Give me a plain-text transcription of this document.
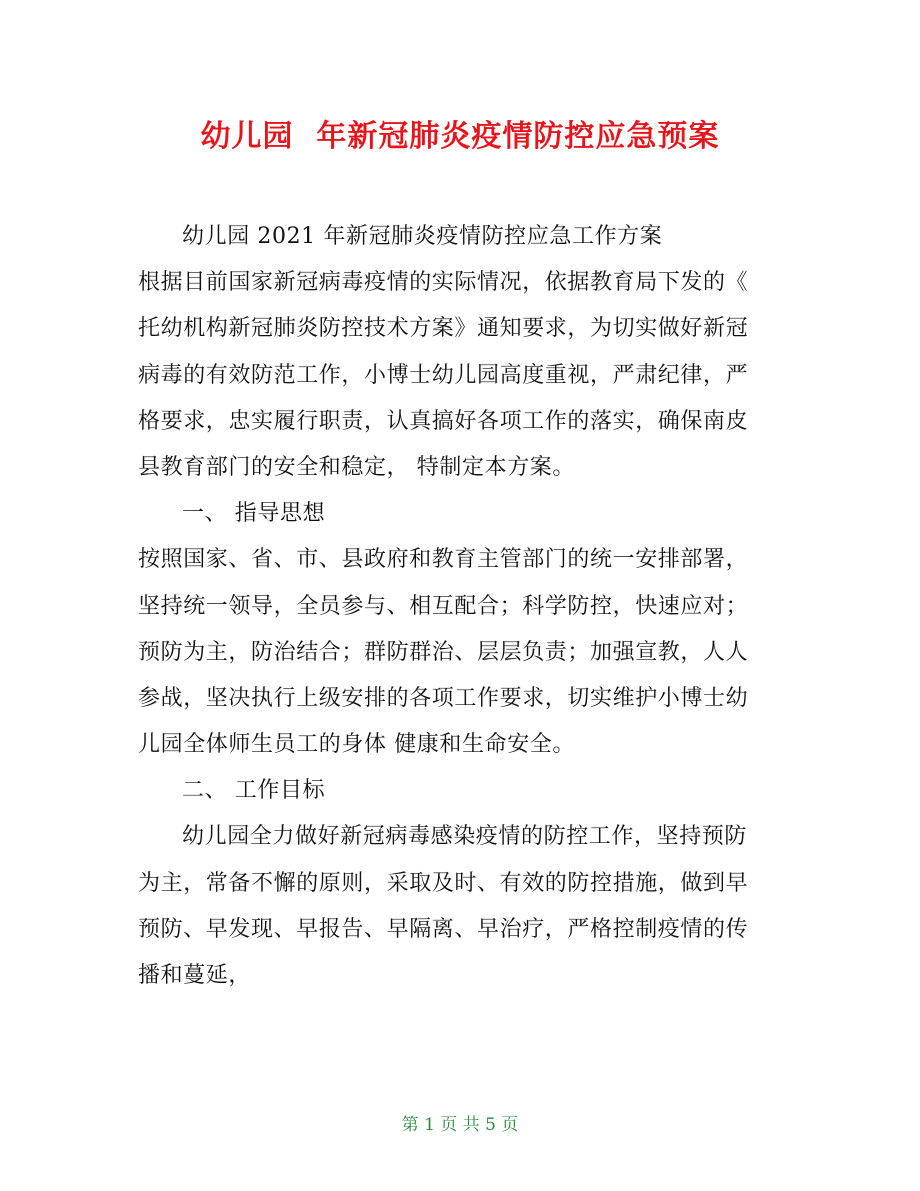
幼儿园  年新冠肺炎疫情防控应急预案

幼儿园 2021 年新冠肺炎疫情防控应急工作方案

根据目前国家新冠病毒疫情的实际情况，依据教育局下发的《

托幼机构新冠肺炎防控技术方案》通知要求，为切实做好新冠

病毒的有效防范工作，小博士幼儿园高度重视，严肃纪律，严

格要求，忠实履行职责，认真搞好各项工作的落实，确保南皮

县教育部门的安全和稳定， 特制定本方案。

一、 指导思想

按照国家、省、市、县政府和教育主管部门的统一安排部署，

坚持统一领导，全员参与、相互配合；科学防控，快速应对；

预防为主，防治结合；群防群治、层层负责；加强宣教，人人

参战，坚决执行上级安排的各项工作要求，切实维护小博士幼

儿园全体师生员工的身体 健康和生命安全。

二、 工作目标

幼儿园全力做好新冠病毒感染疫情的防控工作，坚持预防

为主，常备不懈的原则，采取及时、有效的防控措施，做到早

预防、早发现、早报告、早隔离、早治疗，严格控制疫情的传

播和蔓延，

第 1 页 共 5 页
